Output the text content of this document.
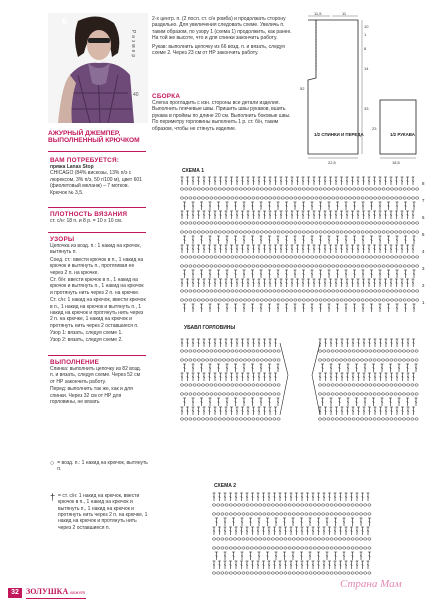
6
Размер
40
АЖУРНЫЙ ДЖЕМПЕР,
ВЫПОЛНЕННЫЙ КРЮЧКОМ
ВАМ ПОТРЕБУЕТСЯ:
пряжа Lanas Stop
CHICAGO (84% вискозы, 13% п/э с люрексом, 3% п/э, 50 г/100 м), цвет 601 (фиолетовый меланж) – 7 мотков.
Крючок № 3,5.
ПЛОТНОСТЬ ВЯЗАНИЯ
ст. с/н: 18 п. и 8 р. = 10 х 10 см.
УЗОРЫ
Цепочка из возд. п.: 1 накид на крючок, вытянуть п.
Соед. ст.: ввести крючок в п., 1 накид на крючок и вытянуть п., протягивая ее через 2 п. на крючке.
Ст. б/н: ввести крючок в п., 1 накид на крючок и вытянуть п., 1 накид на крючок и протянуть нить через 2 п. на крючке.
Ст. с/н: 1 накид на крючок, ввести крючок в п., 1 накид на крючок и вытянуть п., 1 накид на крючок и протянуть нить через 2 п. на крючке, 1 накид на крючок и протянуть нить через 2 оставшиеся п.
Узор 1: вязать, следуя схеме 1.
Узор 2: вязать, следуя схеме 2.
ВЫПОЛНЕНИЕ
Спинка: выполнить цепочку из 82 возд. п. и вязать, следуя схеме. Через 52 см от НР закончить работу.
Перед: выполнить так же, как и для спинки. Через 32 см от НР для горловины, не вязать
○ = возд. п.: 1 накид на крючок, вытянуть п.
† = ст. с/н: 1 накид на крючок, ввести крючок в п., 1 накид на крючок и вытянуть п., 1 накид на крючок и протянуть нить через 2 п. на крючке, 1 накид на крючок и протянуть нить через 2 оставшиеся п.
32 ЗОЛУШКА вяжет
Страна Мам
2-х центр. п. (2 посл. ст. с/н ромба) и продолжать сторону раздельно. Для увеличения следовать схеме. Увеличь п. таким образом, по узору 1 (схема 1) продолжить, как ранее. На той же высоте, что и для спинки закончить работу.
Рукав: выполнить цепочку из 66 возд. п. и вязать, следуя схеме 2. Через 23 см от НР закончить работу.
СБОРКА
Слегка прогладить с изн. стороны все детали изделия. Выполнить плечевые швы. Пришить швы рукавов, вшить рукава в проймы по длине 20 см. Выполнить боковые швы. По периметру горловины выполнить 1 р. ст. б/н, таким образом, чтобы не стянуть изделие.
11,5	11
10
1
8
14
52
33
1/2 СПИНКИ И ПЕРЕДА
22,5
1/2 РУКАВА
18,5
23
СХЕМА 1
УБАВЛ ГОРЛОВИНЫ
СХЕМА 2
8
7
6
5
4
3
2
1
